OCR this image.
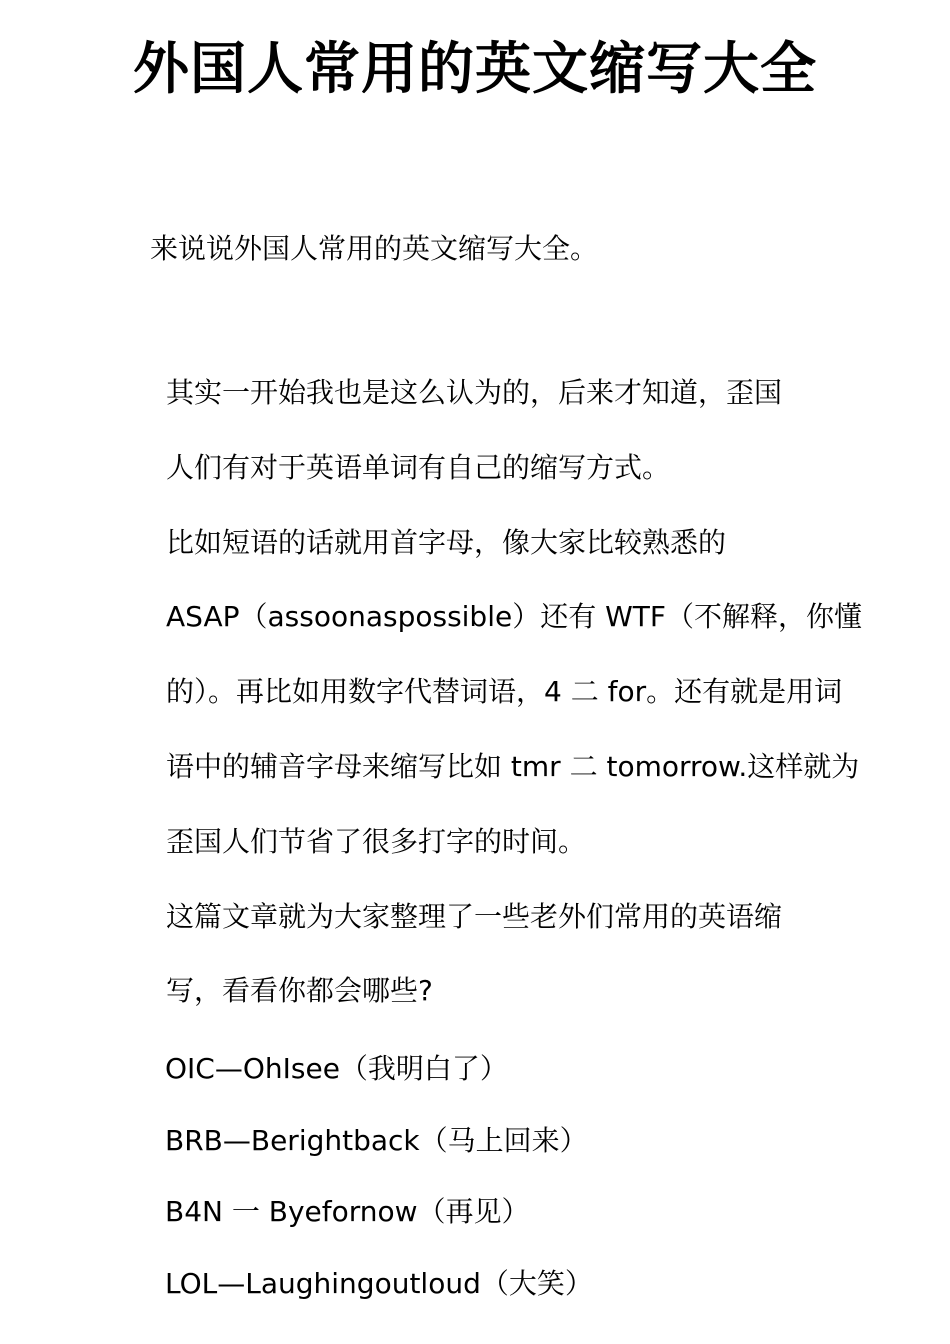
外国人常用的英文缩写大全
来说说外国人常用的英文缩写大全。

其实一开始我也是这么认为的，后来才知道，歪国
人们有对于英语单词有自己的缩写方式。

比如短语的话就用首字母，像大家比较熟悉的
ASAP（assoonaspossible）还有 WTF（不解释，你懂
的）。再比如用数字代替词语，4 二 for。还有就是用词
语中的辅音字母来缩写比如 tmr 二 tomorrow.这样就为
歪国人们节省了很多打字的时间。

这篇文章就为大家整理了一些老外们常用的英语缩
写，看看你都会哪些?

OIC—OhIsee（我明白了）
BRB—Berightback（马上回来）
B4N 一 Byefornow（再见）
LOL—Laughingoutloud（大笑）
